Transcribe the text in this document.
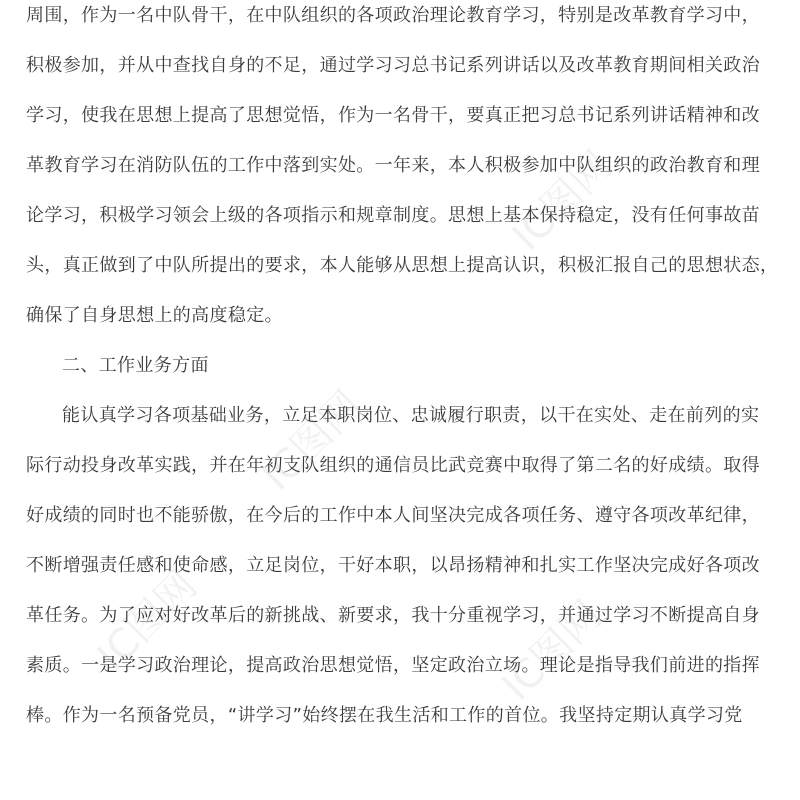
周围，作为一名中队骨干，在中队组织的各项政治理论教育学习，特别是改革教育学习中，
积极参加，并从中查找自身的不足，通过学习习总书记系列讲话以及改革教育期间相关政治
学习，使我在思想上提高了思想觉悟，作为一名骨干，要真正把习总书记系列讲话精神和改
革教育学习在消防队伍的工作中落到实处。一年来，本人积极参加中队组织的政治教育和理
论学习，积极学习领会上级的各项指示和规章制度。思想上基本保持稳定，没有任何事故苗
头，真正做到了中队所提出的要求，本人能够从思想上提高认识，积极汇报自己的思想状态，
确保了自身思想上的高度稳定。
二、工作业务方面
能认真学习各项基础业务，立足本职岗位、忠诚履行职责，以干在实处、走在前列的实
际行动投身改革实践，并在年初支队组织的通信员比武竞赛中取得了第二名的好成绩。取得
好成绩的同时也不能骄傲，在今后的工作中本人间坚决完成各项任务、遵守各项改革纪律，
不断增强责任感和使命感，立足岗位，干好本职，以昂扬精神和扎实工作坚决完成好各项改
革任务。为了应对好改革后的新挑战、新要求，我十分重视学习，并通过学习不断提高自身
素质。一是学习政治理论，提高政治思想觉悟，坚定政治立场。理论是指导我们前进的指挥
棒。作为一名预备党员，“讲学习”始终摆在我生活和工作的首位。我坚持定期认真学习党
IC图网
IC图网
IC图网
IC图网
